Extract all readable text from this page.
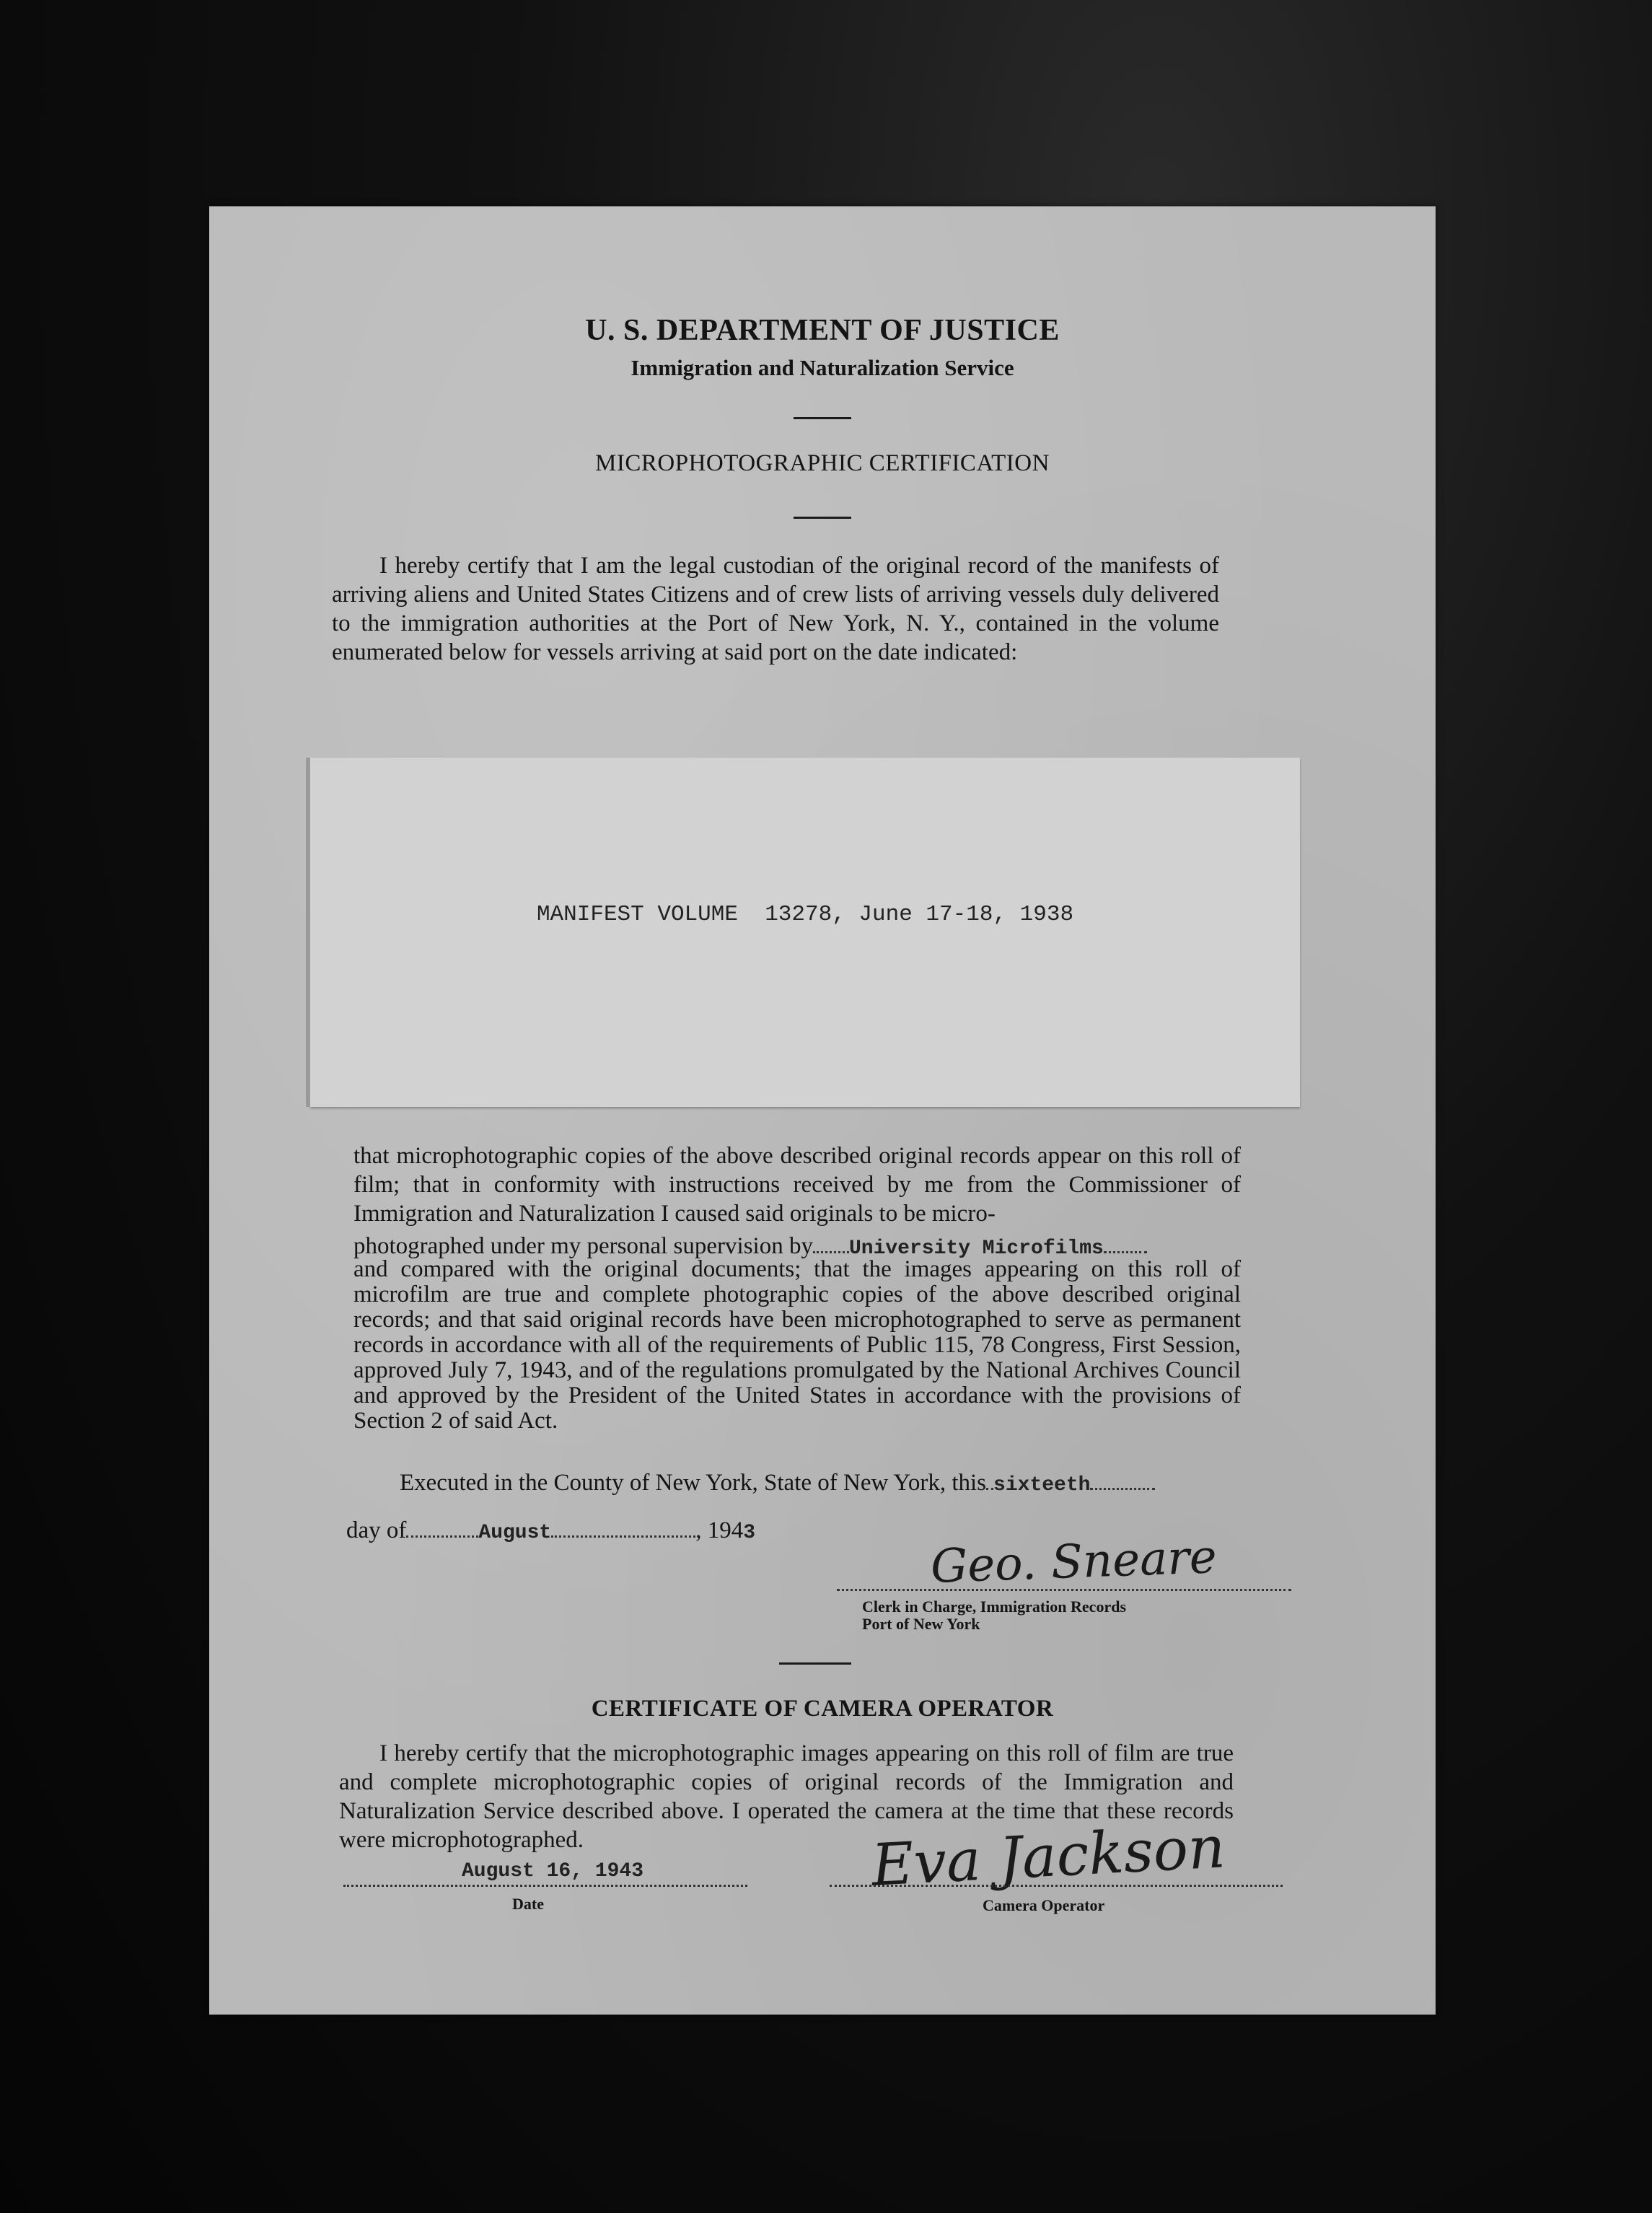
U. S. DEPARTMENT OF JUSTICE
Immigration and Naturalization Service
MICROPHOTOGRAPHIC CERTIFICATION
I hereby certify that I am the legal custodian of the original record of the manifests of arriving aliens and United States Citizens and of crew lists of arriving vessels duly delivered to the immigration authorities at the Port of New York, N. Y., contained in the volume enumerated below for vessels arriving at said port on the date indicated:
MANIFEST VOLUME  13278, June 17-18, 1938
that microphotographic copies of the above described original records appear on this roll of film; that in conformity with instructions received by me from the Commissioner of Immigration and Naturalization I caused said originals to be micro-
photographed under my personal supervision by University Microfilms
and compared with the original documents; that the images appearing on this roll of microfilm are true and complete photographic copies of the above described original records; and that said original records have been microphotographed to serve as permanent records in accordance with all of the requirements of Public 115, 78 Congress, First Session, approved July 7, 1943, and of the regulations promulgated by the National Archives Council and approved by the President of the United States in accordance with the provisions of Section 2 of said Act.
Executed in the County of New York, State of New York, this sixteeth
day of	August	, 1943	Geo. Sneare
Clerk in Charge, Immigration Records
Port of New York
CERTIFICATE OF CAMERA OPERATOR
I hereby certify that the microphotographic images appearing on this roll of film are true and complete microphotographic copies of original records of the Immigration and Naturalization Service described above. I operated the camera at the time that these records were microphotographed.
August 16, 1943
Date
Eva Jackson
Camera Operator
